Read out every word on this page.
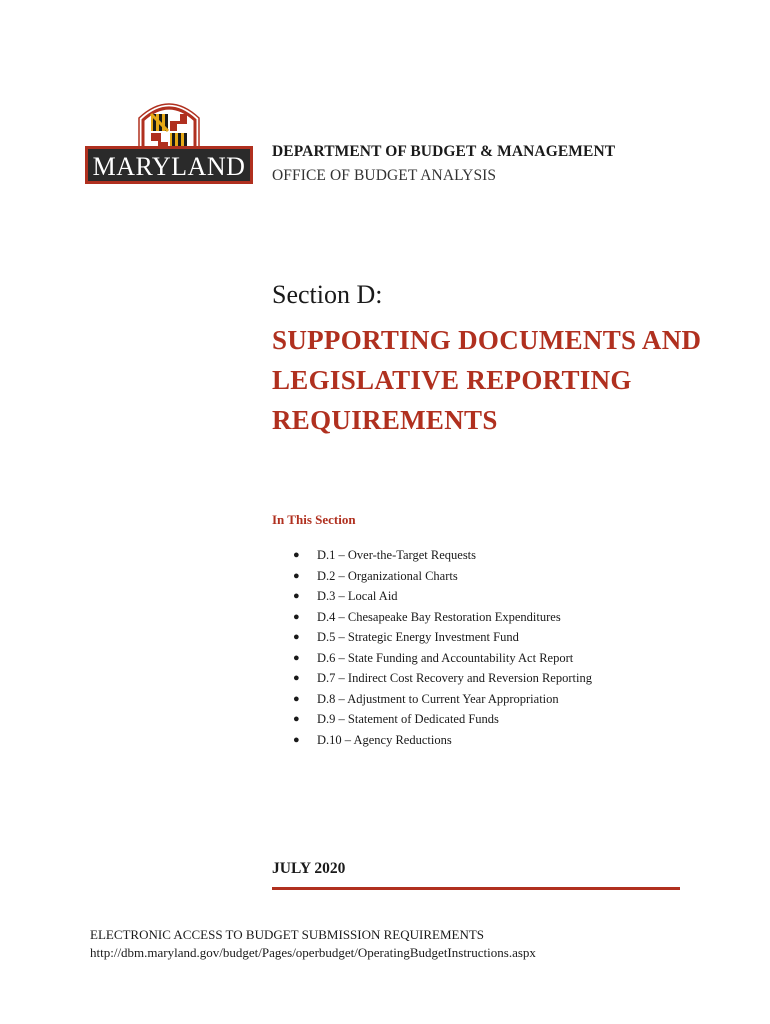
MARYLAND

DEPARTMENT OF BUDGET & MANAGEMENT

OFFICE OF BUDGET ANALYSIS

Section D:
SUPPORTING DOCUMENTS AND LEGISLATIVE REPORTING REQUIREMENTS

In This Section

● D.1 – Over-the-Target Requests
● D.2 – Organizational Charts
● D.3 – Local Aid
● D.4 – Chesapeake Bay Restoration Expenditures
● D.5 – Strategic Energy Investment Fund
● D.6 – State Funding and Accountability Act Report
● D.7 – Indirect Cost Recovery and Reversion Reporting
● D.8 – Adjustment to Current Year Appropriation
● D.9 – Statement of Dedicated Funds
● D.10 – Agency Reductions

JULY 2020

ELECTRONIC ACCESS TO BUDGET SUBMISSION REQUIREMENTS
http://dbm.maryland.gov/budget/Pages/operbudget/OperatingBudgetInstructions.aspx
